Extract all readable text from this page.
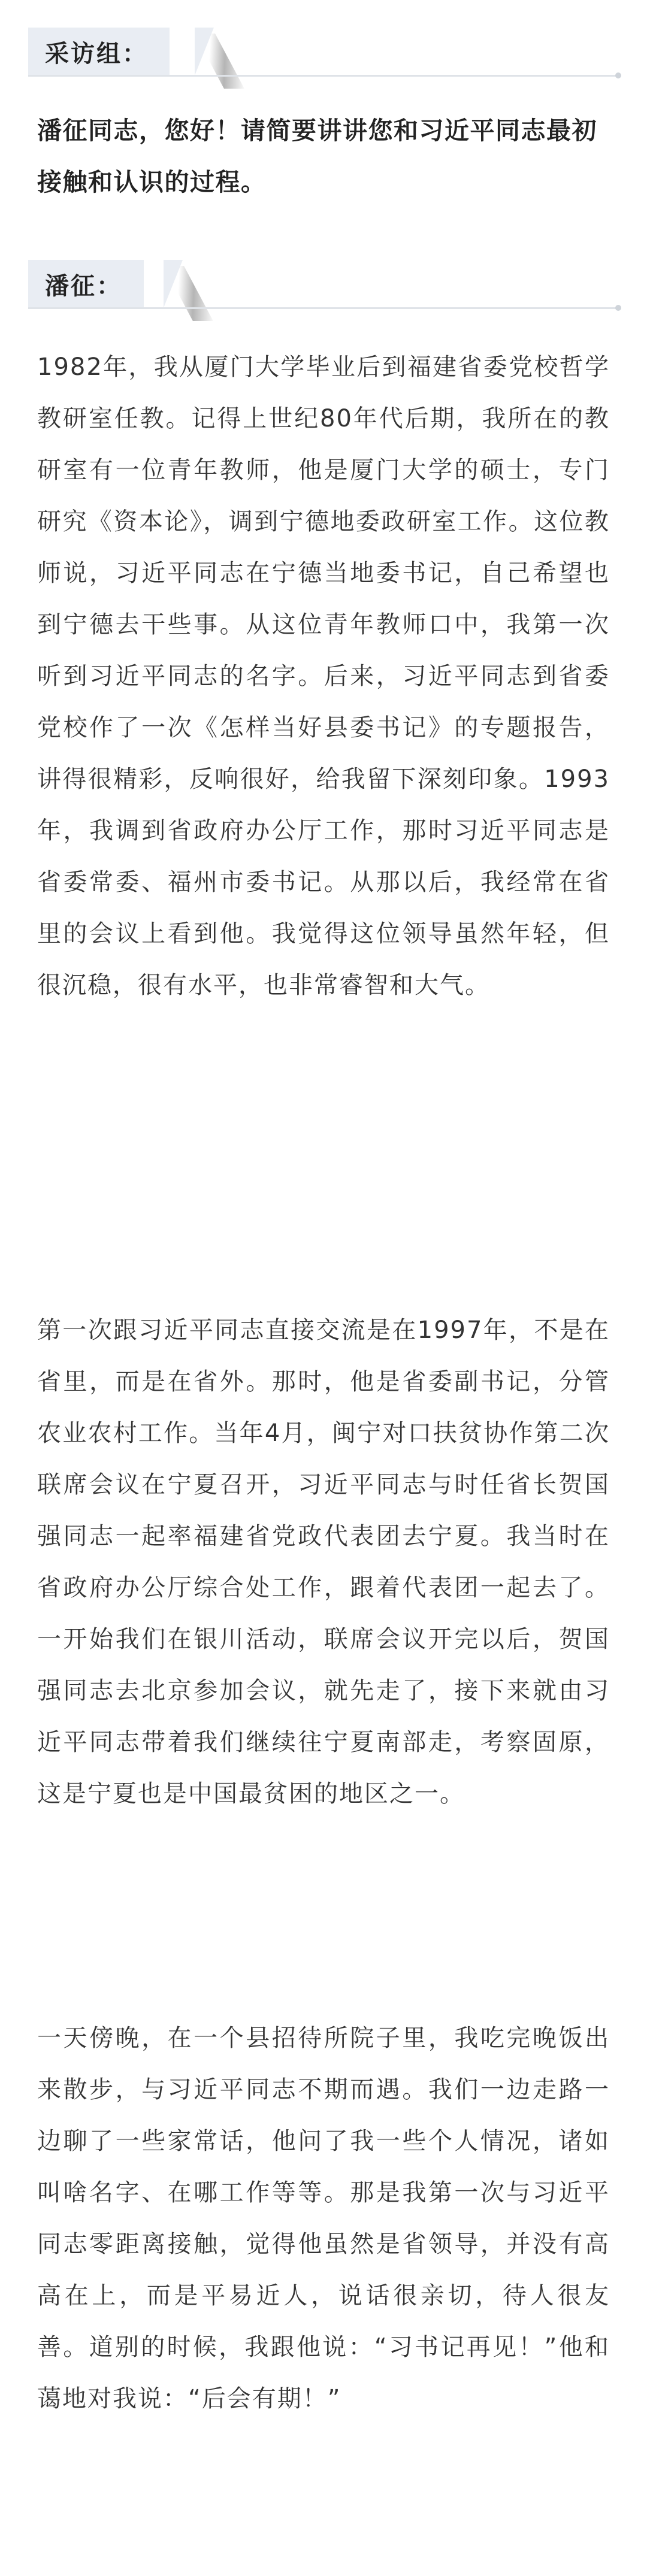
采访组：

潘征同志，您好！请简要讲讲您和习近平同志最初接触和认识的过程。

潘征：

1982年，我从厦门大学毕业后到福建省委党校哲学教研室任教。记得上世纪80年代后期，我所在的教研室有一位青年教师，他是厦门大学的硕士，专门研究《资本论》，调到宁德地委政研室工作。这位教师说，习近平同志在宁德当地委书记，自己希望也到宁德去干些事。从这位青年教师口中，我第一次听到习近平同志的名字。后来，习近平同志到省委党校作了一次《怎样当好县委书记》的专题报告，讲得很精彩，反响很好，给我留下深刻印象。1993年，我调到省政府办公厅工作，那时习近平同志是省委常委、福州市委书记。从那以后，我经常在省里的会议上看到他。我觉得这位领导虽然年轻，但很沉稳，很有水平，也非常睿智和大气。

第一次跟习近平同志直接交流是在1997年，不是在省里，而是在省外。那时，他是省委副书记，分管农业农村工作。当年4月，闽宁对口扶贫协作第二次联席会议在宁夏召开，习近平同志与时任省长贺国强同志一起率福建省党政代表团去宁夏。我当时在省政府办公厅综合处工作，跟着代表团一起去了。一开始我们在银川活动，联席会议开完以后，贺国强同志去北京参加会议，就先走了，接下来就由习近平同志带着我们继续往宁夏南部走，考察固原，这是宁夏也是中国最贫困的地区之一。

一天傍晚，在一个县招待所院子里，我吃完晚饭出来散步，与习近平同志不期而遇。我们一边走路一边聊了一些家常话，他问了我一些个人情况，诸如叫啥名字、在哪工作等等。那是我第一次与习近平同志零距离接触，觉得他虽然是省领导，并没有高高在上，而是平易近人，说话很亲切，待人很友善。道别的时候，我跟他说：“习书记再见！”他和蔼地对我说：“后会有期！”
